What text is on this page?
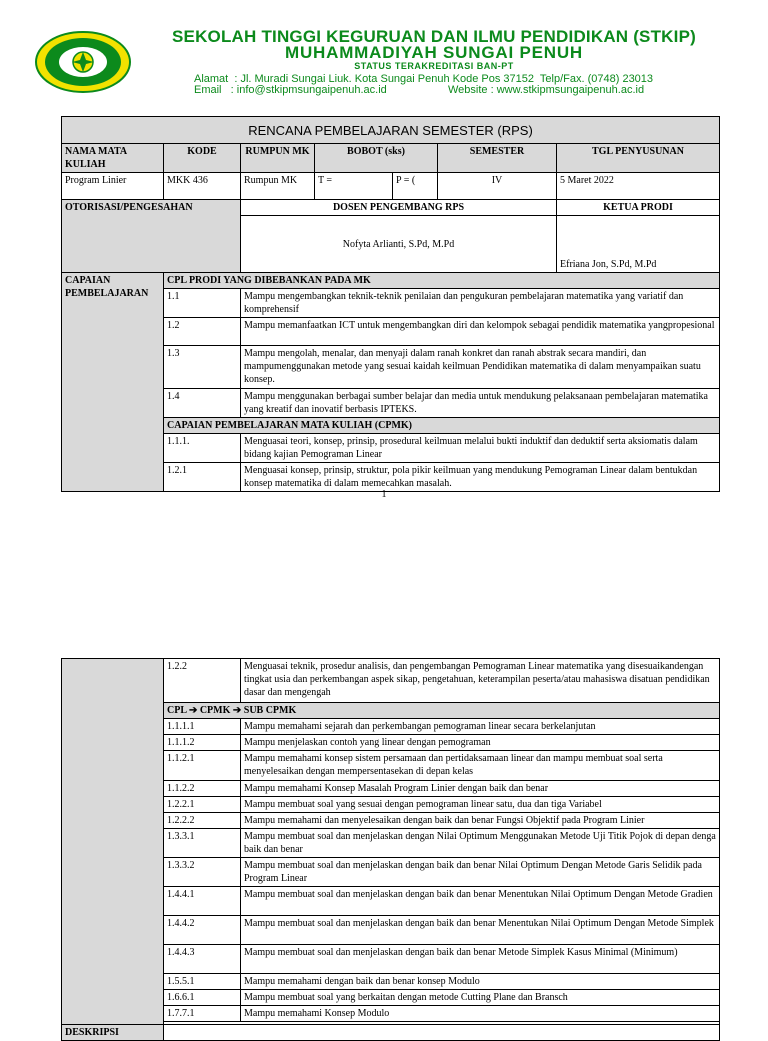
SEKOLAH TINGGI KEGURUAN DAN ILMU PENDIDIKAN (STKIP)
MUHAMMADIYAH SUNGAI PENUH
STATUS TERAKREDITASI BAN-PT
Alamat  : Jl. Muradi Sungai Liuk. Kota Sungai Penuh Kode Pos 37152  Telp/Fax. (0748) 23013
Email   : info@stkipmsungaipenuh.ac.id	Website : www.stkipmsungaipenuh.ac.id
RENCANA PEMBELAJARAN SEMESTER (RPS)						
NAMA MATA KULIAH	KODE	RUMPUN MK	BOBOT (sks)		SEMESTER	TGL PENYUSUNAN
Program Linier	MKK 436	Rumpun MK	T =	P = (	IV	5 Maret 2022
OTORISASI/PENGESAHAN		DOSEN PENGEMBANG RPS				KETUA PRODI
		Nofyta Arlianti, S.Pd, M.Pd				Efriana Jon, S.Pd, M.Pd
CAPAIAN PEMBELAJARAN	CPL PRODI YANG DIBEBANKAN PADA MK					
	1.1	Mampu mengembangkan teknik-teknik penilaian dan pengukuran pembelajaran matematika yang variatif dan komprehensif				
	1.2	Mampu memanfaatkan ICT untuk mengembangkan diri dan kelompok sebagai pendidik matematika yangpropesional				
	1.3	Mampu mengolah, menalar, dan menyaji dalam ranah konkret dan ranah abstrak secara mandiri, dan mampumenggunakan metode yang sesuai kaidah keilmuan Pendidikan matematika di dalam menyampaikan suatu konsep.				
	1.4	Mampu menggunakan berbagai sumber belajar dan media untuk mendukung pelaksanaan pembelajaran matematika yang kreatif dan inovatif berbasis IPTEKS.				
	CAPAIAN PEMBELAJARAN MATA KULIAH (CPMK)					
	1.1.1.	Menguasai teori, konsep, prinsip, prosedural keilmuan melalui bukti induktif dan deduktif serta aksiomatis dalam bidang kajian Pemograman Linear				
	1.2.1	Menguasai konsep, prinsip, struktur, pola pikir keilmuan yang mendukung Pemograman Linear dalam bentukdan konsep matematika di dalam memecahkan masalah.				
1
	1.2.2	Menguasai teknik, prosedur analisis, dan pengembangan Pemograman Linear matematika yang disesuaikandengan tingkat usia dan perkembangan aspek sikap, pengetahuan, keterampilan peserta/atau mahasiswa disatuan pendidikan dasar dan mengengah
	CPL ➔ CPMK ➔ SUB CPMK	
	1.1.1.1	Mampu memahami sejarah dan perkembangan pemograman linear secara berkelanjutan
	1.1.1.2	Mampu menjelaskan contoh yang linear dengan pemograman
	1.1.2.1	Mampu memahami konsep sistem persamaan dan pertidaksamaan linear dan mampu membuat soal serta menyelesaikan dengan mempersentasekan di depan kelas
	1.1.2.2	Mampu memahami Konsep Masalah Program Linier dengan baik dan benar
	1.2.2.1	Mampu membuat soal yang sesuai dengan pemograman linear satu, dua dan tiga Variabel
	1.2.2.2	Mampu memahami dan menyelesaikan dengan baik dan benar Fungsi Objektif pada Program Linier
	1.3.3.1	Mampu membuat soal dan menjelaskan dengan Nilai Optimum Menggunakan Metode Uji Titik Pojok di depan denga baik dan benar
	1.3.3.2	Mampu membuat soal dan menjelaskan dengan baik dan benar Nilai Optimum Dengan Metode Garis Selidik pada Program Linear
	1.4.4.1	Mampu membuat soal dan menjelaskan dengan baik dan benar Menentukan Nilai Optimum Dengan Metode Gradien
	1.4.4.2	Mampu membuat soal dan menjelaskan dengan baik dan benar Menentukan Nilai Optimum Dengan Metode Simplek
	1.4.4.3	Mampu membuat soal dan menjelaskan dengan baik dan benar Metode Simplek Kasus Minimal (Minimum)
	1.5.5.1	Mampu memahami dengan baik dan benar konsep Modulo
	1.6.6.1	Mampu membuat soal yang berkaitan dengan metode Cutting Plane dan Bransch
	1.7.7.1	Mampu memahami Konsep Modulo

DESKRIPSI		
